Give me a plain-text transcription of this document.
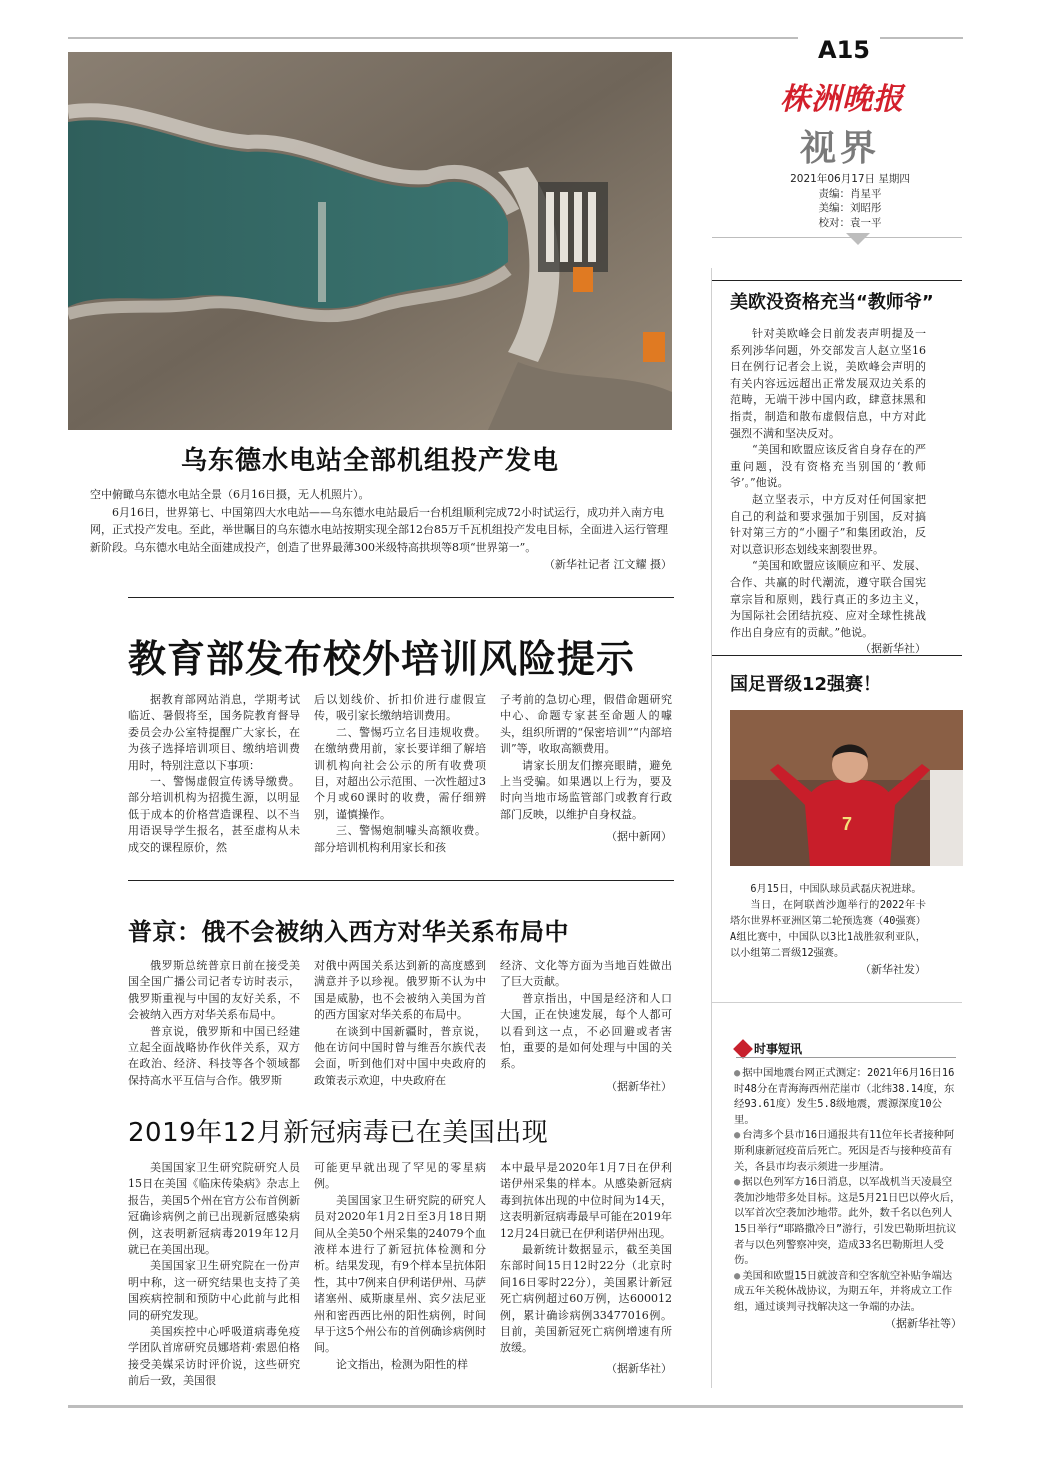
A15
株洲晚报
视界
2021年06月17日 星期四
责编：肖星平
美编：刘昭彤
校对：袁一平
乌东德水电站全部机组投产发电

空中俯瞰乌东德水电站全景（6月16日摄，无人机照片）。

6月16日，世界第七、中国第四大水电站——乌东德水电站最后一台机组顺利完成72小时试运行，成功并入南方电网，正式投产发电。至此，举世瞩目的乌东德水电站按期实现全部12台85万千瓦机组投产发电目标，全面进入运行管理新阶段。乌东德水电站全面建成投产，创造了世界最薄300米级特高拱坝等8项“世界第一”。

（新华社记者 江文耀 摄）
美欧没资格充当“教师爷”

针对美欧峰会日前发表声明提及一系列涉华问题，外交部发言人赵立坚16日在例行记者会上说，美欧峰会声明的有关内容远远超出正常发展双边关系的范畴，无端干涉中国内政，肆意抹黑和指责，制造和散布虚假信息，中方对此强烈不满和坚决反对。

“美国和欧盟应该反省自身存在的严重问题，没有资格充当别国的‘教师爷’。”他说。

赵立坚表示，中方反对任何国家把自己的利益和要求强加于别国，反对搞针对第三方的“小圈子”和集团政治，反对以意识形态划线来割裂世界。

“美国和欧盟应该顺应和平、发展、合作、共赢的时代潮流，遵守联合国宪章宗旨和原则，践行真正的多边主义，为国际社会团结抗疫、应对全球性挑战作出自身应有的贡献。”他说。

（据新华社）
国足晋级12强赛！
7

6月15日，中国队球员武磊庆祝进球。

当日，在阿联酋沙迦举行的2022年卡塔尔世界杯亚洲区第二轮预选赛（40强赛）A组比赛中，中国队以3比1战胜叙利亚队，以小组第二晋级12强赛。

（新华社发）
时事短讯

● 据中国地震台网正式测定：2021年6月16日16时48分在青海海西州茫崖市（北纬38.14度，东经93.61度）发生5.8级地震，震源深度10公里。

● 台湾多个县市16日通报共有11位年长者接种阿斯利康新冠疫苗后死亡。死因是否与接种疫苗有关，各县市均表示须进一步厘清。

● 据以色列军方16日消息，以军战机当天凌晨空袭加沙地带多处目标。这是5月21日巴以停火后，以军首次空袭加沙地带。此外，数千名以色列人15日举行“耶路撒冷日”游行，引发巴勒斯坦抗议者与以色列警察冲突，造成33名巴勒斯坦人受伤。

● 美国和欧盟15日就波音和空客航空补贴争端达成五年关税休战协议，为期五年，并将成立工作组，通过谈判寻找解决这一争端的办法。

（据新华社等）
教育部发布校外培训风险提示

据教育部网站消息，学期考试临近、暑假将至，国务院教育督导委员会办公室特提醒广大家长，在为孩子选择培训项目、缴纳培训费用时，特别注意以下事项：

一、警惕虚假宣传诱导缴费。部分培训机构为招揽生源，以明显低于成本的价格营造课程、以不当用语误导学生报名，甚至虚构从未成交的课程原价，然

后以划线价、折扣价进行虚假宣传，吸引家长缴纳培训费用。

二、警惕巧立名目违规收费。在缴纳费用前，家长要详细了解培训机构向社会公示的所有收费项目，对超出公示范围、一次性超过3个月或60课时的收费，需仔细辨别，谨慎操作。

三、警惕炮制噱头高额收费。部分培训机构利用家长和孩

子考前的急切心理，假借命题研究中心、命题专家甚至命题人的噱头，组织所谓的“保密培训”“内部培训”等，收取高额费用。

请家长朋友们擦亮眼睛，避免上当受骗。如果遇以上行为，要及时向当地市场监管部门或教育行政部门反映，以维护自身权益。

（据中新网）
普京：俄不会被纳入西方对华关系布局中

俄罗斯总统普京日前在接受美国全国广播公司记者专访时表示，俄罗斯重视与中国的友好关系，不会被纳入西方对华关系布局中。

普京说，俄罗斯和中国已经建立起全面战略协作伙伴关系，双方在政治、经济、科技等各个领域都保持高水平互信与合作。俄罗斯

对俄中两国关系达到新的高度感到满意并予以珍视。俄罗斯不认为中国是威胁，也不会被纳入美国为首的西方国家对华关系的布局中。

在谈到中国新疆时，普京说，他在访问中国时曾与维吾尔族代表会面，听到他们对中国中央政府的政策表示欢迎，中央政府在

经济、文化等方面为当地百姓做出了巨大贡献。

普京指出，中国是经济和人口大国，正在快速发展，每个人都可以看到这一点，不必回避或者害怕，重要的是如何处理与中国的关系。

（据新华社）
2019年12月新冠病毒已在美国出现

美国国家卫生研究院研究人员15日在美国《临床传染病》杂志上报告，美国5个州在官方公布首例新冠确诊病例之前已出现新冠感染病例，这表明新冠病毒2019年12月就已在美国出现。

美国国家卫生研究院在一份声明中称，这一研究结果也支持了美国疾病控制和预防中心此前与此相同的研究发现。

美国疾控中心呼吸道病毒免疫学团队首席研究员娜塔莉·索恩伯格接受美媒采访时评价说，这些研究前后一致，美国很

可能更早就出现了罕见的零星病例。

美国国家卫生研究院的研究人员对2020年1月2日至3月18日期间从全美50个州采集的24079个血液样本进行了新冠抗体检测和分析。结果发现，有9个样本呈抗体阳性，其中7例来自伊利诺伊州、马萨诸塞州、威斯康星州、宾夕法尼亚州和密西西比州的阳性病例，时间早于这5个州公布的首例确诊病例时间。

论文指出，检测为阳性的样

本中最早是2020年1月7日在伊利诺伊州采集的样本。从感染新冠病毒到抗体出现的中位时间为14天，这表明新冠病毒最早可能在2019年12月24日就已在伊利诺伊州出现。

最新统计数据显示，截至美国东部时间15日12时22分（北京时间16日零时22分），美国累计新冠死亡病例超过60万例，达600012例，累计确诊病例33477016例。目前，美国新冠死亡病例增速有所放缓。

（据新华社）
